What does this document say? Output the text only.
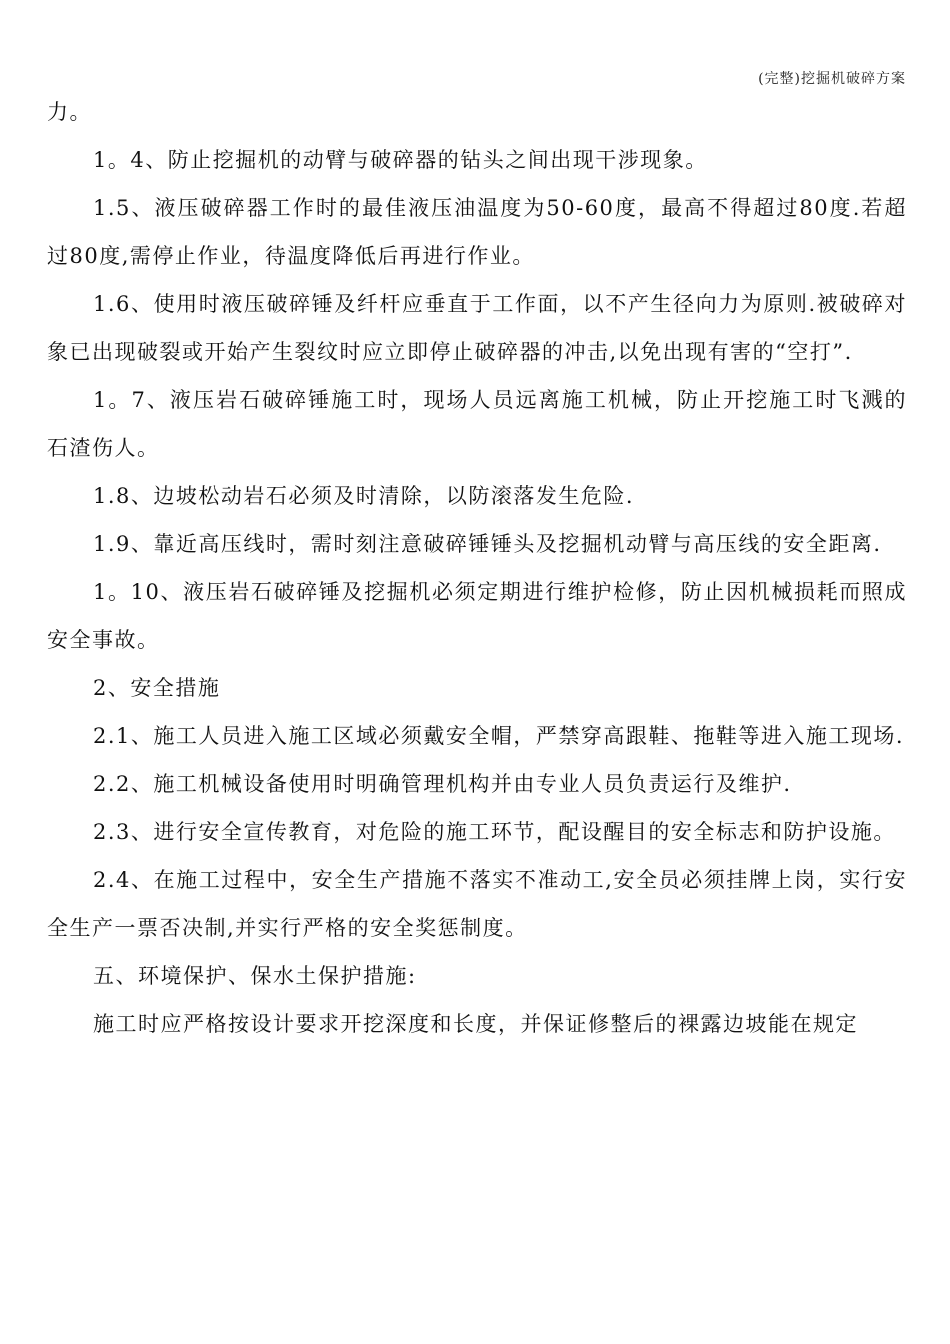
(完整)挖掘机破碎方案

力。

1。4、防止挖掘机的动臂与破碎器的钻头之间出现干涉现象。

1.5、液压破碎器工作时的最佳液压油温度为50-60度，最高不得超过80度.若超过80度,需停止作业，待温度降低后再进行作业。

1.6、使用时液压破碎锤及纤杆应垂直于工作面，以不产生径向力为原则.被破碎对象已出现破裂或开始产生裂纹时应立即停止破碎器的冲击,以免出现有害的“空打”.

1。7、液压岩石破碎锤施工时，现场人员远离施工机械，防止开挖施工时飞溅的石渣伤人。

1.8、边坡松动岩石必须及时清除，以防滚落发生危险.

1.9、靠近高压线时，需时刻注意破碎锤锤头及挖掘机动臂与高压线的安全距离.

1。10、液压岩石破碎锤及挖掘机必须定期进行维护检修，防止因机械损耗而照成安全事故。

2、安全措施

2.1、施工人员进入施工区域必须戴安全帽，严禁穿高跟鞋、拖鞋等进入施工现场.

2.2、施工机械设备使用时明确管理机构并由专业人员负责运行及维护.

2.3、进行安全宣传教育，对危险的施工环节，配设醒目的安全标志和防护设施。

2.4、在施工过程中，安全生产措施不落实不准动工,安全员必须挂牌上岗，实行安全生产一票否决制,并实行严格的安全奖惩制度。

五、环境保护、保水土保护措施:

施工时应严格按设计要求开挖深度和长度，并保证修整后的裸露边坡能在规定
